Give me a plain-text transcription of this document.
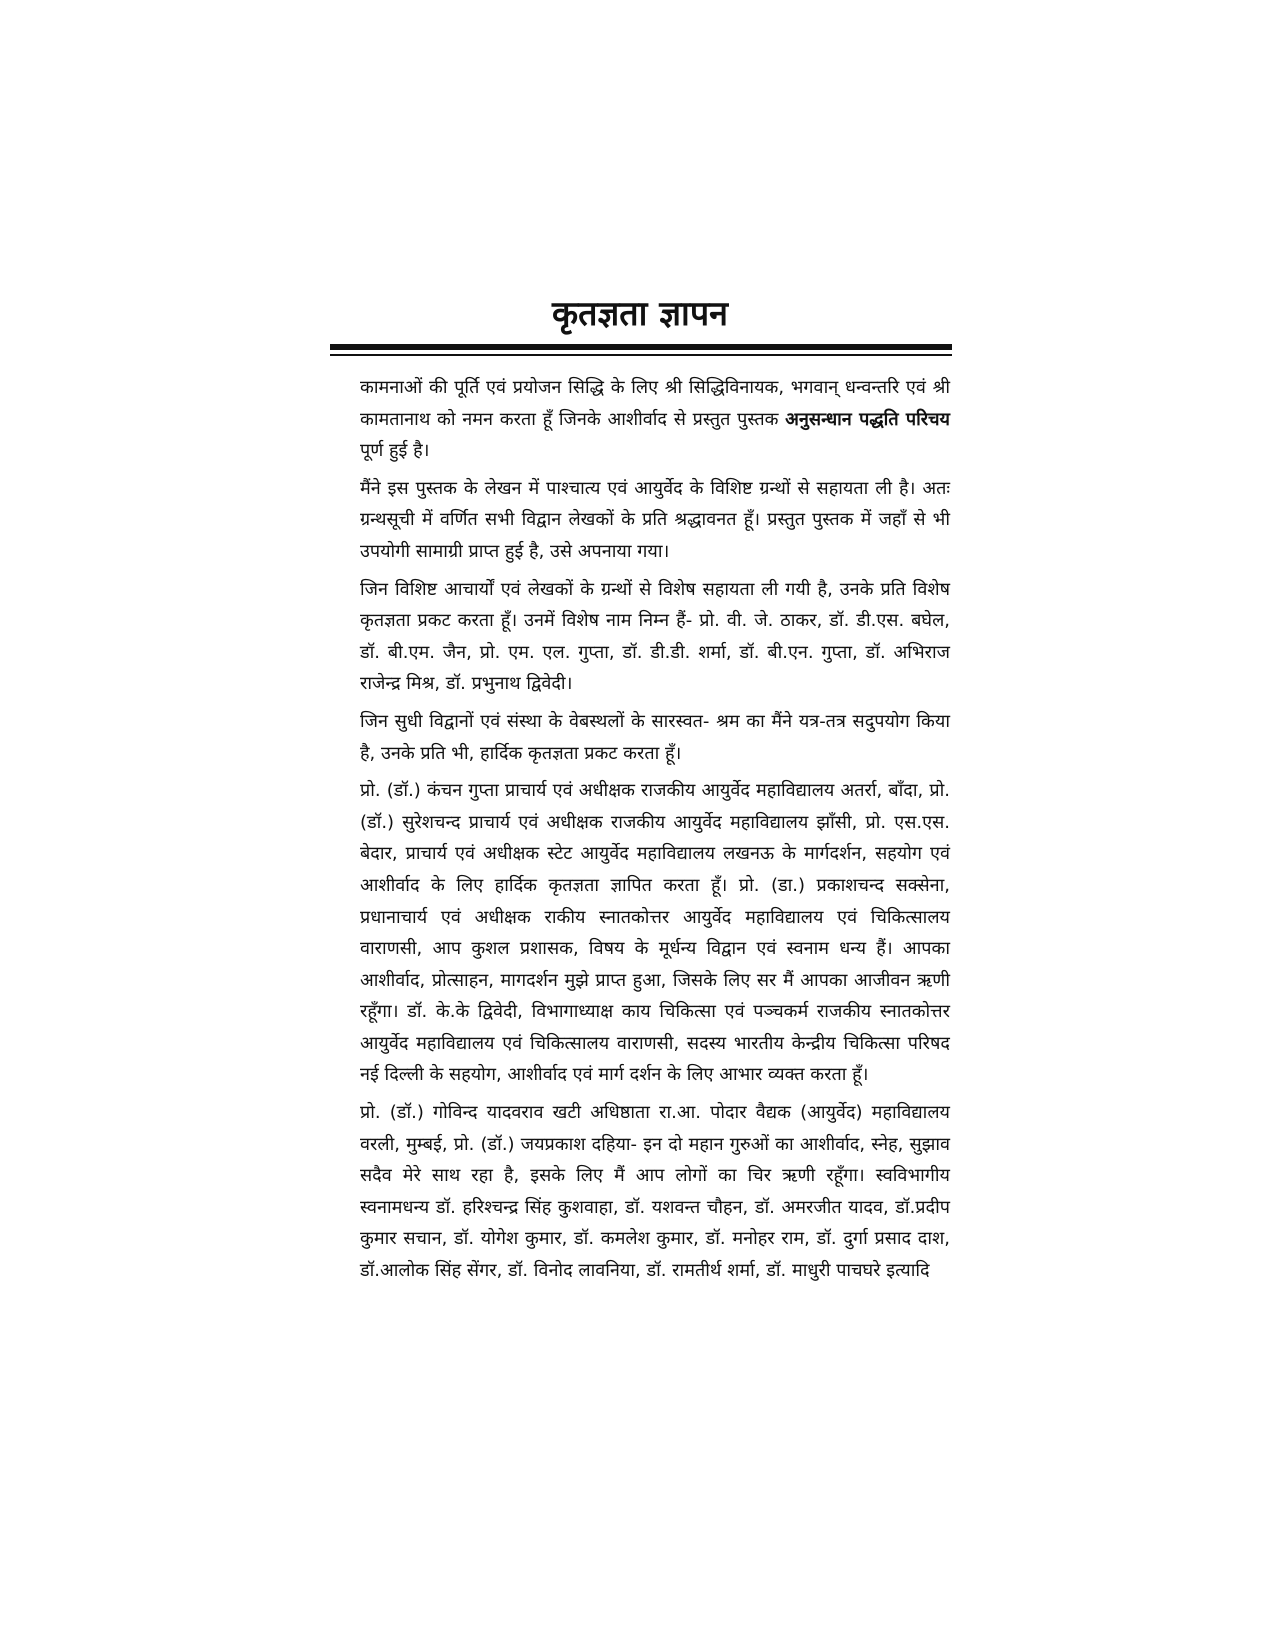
कृतज्ञता ज्ञापन

कामनाओं की पूर्ति एवं प्रयोजन सिद्धि के लिए श्री सिद्धिविनायक, भगवान् धन्वन्तरि एवं श्री कामतानाथ को नमन करता हूँ जिनके आशीर्वाद से प्रस्तुत पुस्तक अनुसन्धान पद्धति परिचय पूर्ण हुई है।

मैंने इस पुस्तक के लेखन में पाश्चात्य एवं आयुर्वेद के विशिष्ट ग्रन्थों से सहायता ली है। अतः ग्रन्थसूची में वर्णित सभी विद्वान लेखकों के प्रति श्रद्धावनत हूँ। प्रस्तुत पुस्तक में जहाँ से भी उपयोगी सामाग्री प्राप्त हुई है, उसे अपनाया गया।

जिन विशिष्ट आचार्यों एवं लेखकों के ग्रन्थों से विशेष सहायता ली गयी है, उनके प्रति विशेष कृतज्ञता प्रकट करता हूँ। उनमें विशेष नाम निम्न हैं- प्रो. वी. जे. ठाकर, डॉ. डी.एस. बघेल, डॉ. बी.एम. जैन, प्रो. एम. एल. गुप्ता, डॉ. डी.डी. शर्मा, डॉ. बी.एन. गुप्ता, डॉ. अभिराज राजेन्द्र मिश्र, डॉ. प्रभुनाथ द्विवेदी।

जिन सुधी विद्वानों एवं संस्था के वेबस्थलों के सारस्वत- श्रम का मैंने यत्र-तत्र सदुपयोग किया है, उनके प्रति भी, हार्दिक कृतज्ञता प्रकट करता हूँ।

प्रो. (डॉ.) कंचन गुप्ता प्राचार्य एवं अधीक्षक राजकीय आयुर्वेद महाविद्यालय अतर्रा, बाँदा, प्रो. (डॉ.) सुरेशचन्द प्राचार्य एवं अधीक्षक राजकीय आयुर्वेद महाविद्यालय झाँसी, प्रो. एस.एस. बेदार, प्राचार्य एवं अधीक्षक स्टेट आयुर्वेद महाविद्यालय लखनऊ के मार्गदर्शन, सहयोग एवं आशीर्वाद के लिए हार्दिक कृतज्ञता ज्ञापित करता हूँ। प्रो. (डा.) प्रकाशचन्द सक्सेना, प्रधानाचार्य एवं अधीक्षक राकीय स्नातकोत्तर आयुर्वेद महाविद्यालय एवं चिकित्सालय वाराणसी, आप कुशल प्रशासक, विषय के मूर्धन्य विद्वान एवं स्वनाम धन्य हैं। आपका आशीर्वाद, प्रोत्साहन, मागदर्शन मुझे प्राप्त हुआ, जिसके लिए सर मैं आपका आजीवन ऋणी रहूँगा। डॉ. के.के द्विवेदी, विभागाध्याक्ष काय चिकित्सा एवं पञ्चकर्म राजकीय स्नातकोत्तर आयुर्वेद महाविद्यालय एवं चिकित्सालय वाराणसी, सदस्य भारतीय केन्द्रीय चिकित्सा परिषद नई दिल्ली के सहयोग, आशीर्वाद एवं मार्ग दर्शन के लिए आभार व्यक्त करता हूँ।

प्रो. (डॉ.) गोविन्द यादवराव खटी अधिष्ठाता रा.आ. पोदार वैद्यक (आयुर्वेद) महाविद्यालय वरली, मुम्बई, प्रो. (डॉ.) जयप्रकाश दहिया- इन दो महान गुरुओं का आशीर्वाद, स्नेह, सुझाव सदैव मेरे साथ रहा है, इसके लिए मैं आप लोगों का चिर ऋणी रहूँगा। स्वविभागीय स्वनामधन्य डॉ. हरिश्चन्द्र सिंह कुशवाहा, डॉ. यशवन्त चौहन, डॉ. अमरजीत यादव, डॉ.प्रदीप कुमार सचान, डॉ. योगेश कुमार, डॉ. कमलेश कुमार, डॉ. मनोहर राम, डॉ. दुर्गा प्रसाद दाश, डॉ.आलोक सिंह सेंगर, डॉ. विनोद लावनिया, डॉ. रामतीर्थ शर्मा, डॉ. माधुरी पाचघरे इत्यादि
